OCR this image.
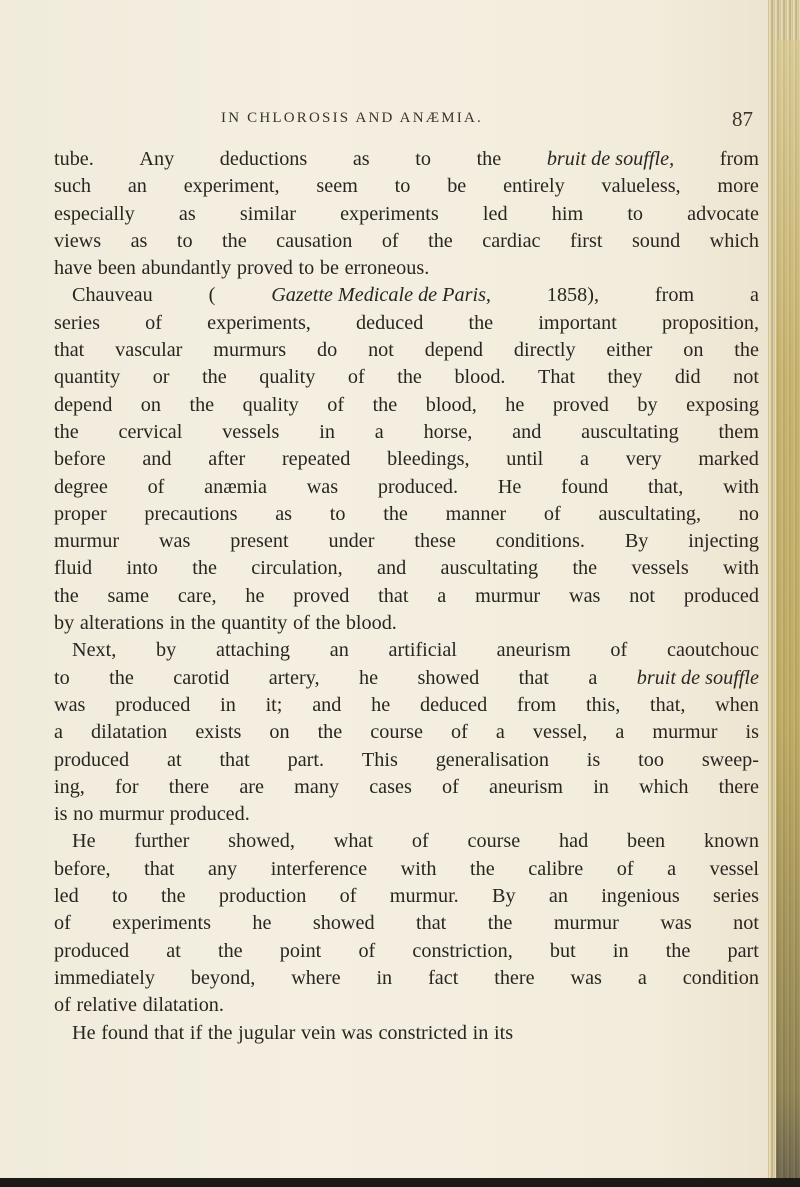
IN CHLOROSIS AND ANÆMIA.	87
tube. Any deductions as to the bruit de souffle, from
such an experiment, seem to be entirely valueless, more
especially as similar experiments led him to advocate
views as to the causation of the cardiac first sound which
have been abundantly proved to be erroneous.
Chauveau	(	Gazette Medicale de Paris,	1858),	from	a
series of experiments, deduced the important proposition,
that vascular murmurs do not depend directly either on the
quantity or the quality of the blood. That they did not
depend on the quality of the blood, he proved by exposing
the cervical vessels in a horse, and auscultating them
before and after repeated bleedings, until a very marked
degree of anæmia was produced. He found that, with
proper precautions as to the manner of auscultating, no
murmur was present under these conditions. By injecting
fluid into the circulation, and auscultating the vessels with
the same care, he proved that a murmur was not produced
by alterations in the quantity of the blood.
Next, by attaching an artificial aneurism of caoutchouc
to the carotid artery, he showed that a bruit de souffle
was produced in it; and he deduced from this, that, when
a dilatation exists on the course of a vessel, a murmur is
produced at that part. This generalisation is too sweep-
ing, for there are many cases of aneurism in which there
is no murmur produced.
He further showed, what of course had been known
before, that any interference with the calibre of a vessel
led to the production of murmur. By an ingenious series
of experiments he showed that the murmur was not
produced at the point of constriction, but in the part
immediately beyond, where in fact there was a condition
of relative dilatation.
He found that if the jugular vein was constricted in its
